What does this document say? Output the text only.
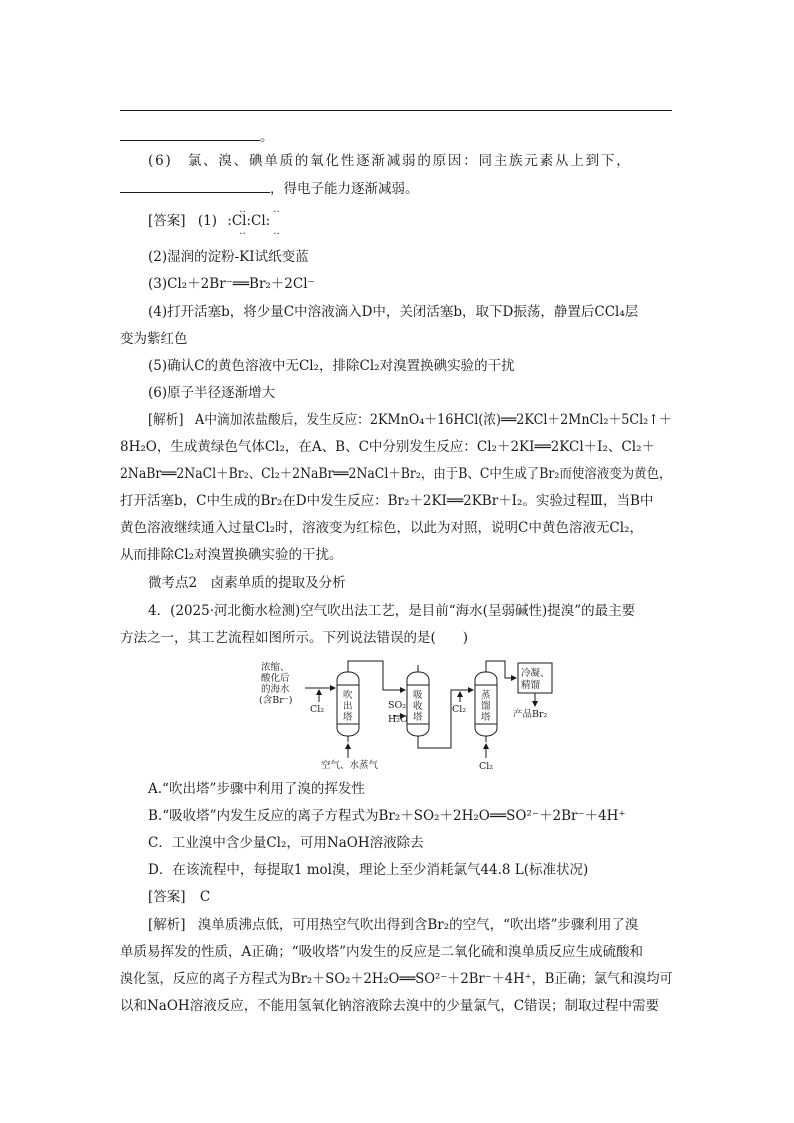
。
(6)　氯、溴、碘单质的氧化性逐渐减弱的原因：同主族元素从上到下，
，得电子能力逐渐减弱。
[答案] (1)
‥ ‥
:Cl:Cl:
‥ ‥
(2)湿润的淀粉-KI试纸变蓝
(3)Cl₂＋2Br⁻══Br₂＋2Cl⁻
(4)打开活塞b，将少量C中溶液滴入D中，关闭活塞b，取下D振荡，静置后CCl₄层
变为紫红色
(5)确认C的黄色溶液中无Cl₂，排除Cl₂对溴置换碘实验的干扰
(6)原子半径逐渐增大
[解析] A中滴加浓盐酸后，发生反应：2KMnO₄＋16HCl(浓)══2KCl＋2MnCl₂＋5Cl₂↑＋
8H₂O，生成黄绿色气体Cl₂，在A、B、C中分别发生反应：Cl₂＋2KI══2KCl＋I₂、Cl₂＋
2NaBr══2NaCl＋Br₂、Cl₂＋2NaBr══2NaCl＋Br₂，由于B、C中生成了Br₂而使溶液变为黄色，
打开活塞b，C中生成的Br₂在D中发生反应：Br₂＋2KI══2KBr＋I₂。实验过程Ⅲ，当B中
黄色溶液继续通入过量Cl₂时，溶液变为红棕色，以此为对照，说明C中黄色溶液无Cl₂，
从而排除Cl₂对溴置换碘实验的干扰。
微考点2　卤素单质的提取及分析
4．(2025·河北衡水检测)空气吹出法工艺，是目前“海水(呈弱碱性)提溴”的最主要
方法之一，其工艺流程如图所示。下列说法错误的是(　　)
浓缩、
酸化后
的海水
(含Br⁻)
Cl₂
吹
出
塔
SO₂
H₂O
吸
收
塔
Cl₂
蒸
馏
塔
冷凝、
精馏
产品Br₂
空气、水蒸气	Cl₂
A.“吹出塔”步骤中利用了溴的挥发性
B.“吸收塔”内发生反应的离子方程式为Br₂＋SO₂＋2H₂O══SO²⁻＋2Br⁻＋4H⁺
C．工业溴中含少量Cl₂，可用NaOH溶液除去
D．在该流程中，每提取1 mol溴，理论上至少消耗氯气44.8 L(标准状况)
[答案] C
[解析] 溴单质沸点低，可用热空气吹出得到含Br₂的空气，“吹出塔”步骤利用了溴
单质易挥发的性质，A正确；“吸收塔”内发生的反应是二氧化硫和溴单质反应生成硫酸和
溴化氢，反应的离子方程式为Br₂＋SO₂＋2H₂O══SO²⁻＋2Br⁻＋4H⁺，B正确；氯气和溴均可
以和NaOH溶液反应，不能用氢氧化钠溶液除去溴中的少量氯气，C错误；制取过程中需要
